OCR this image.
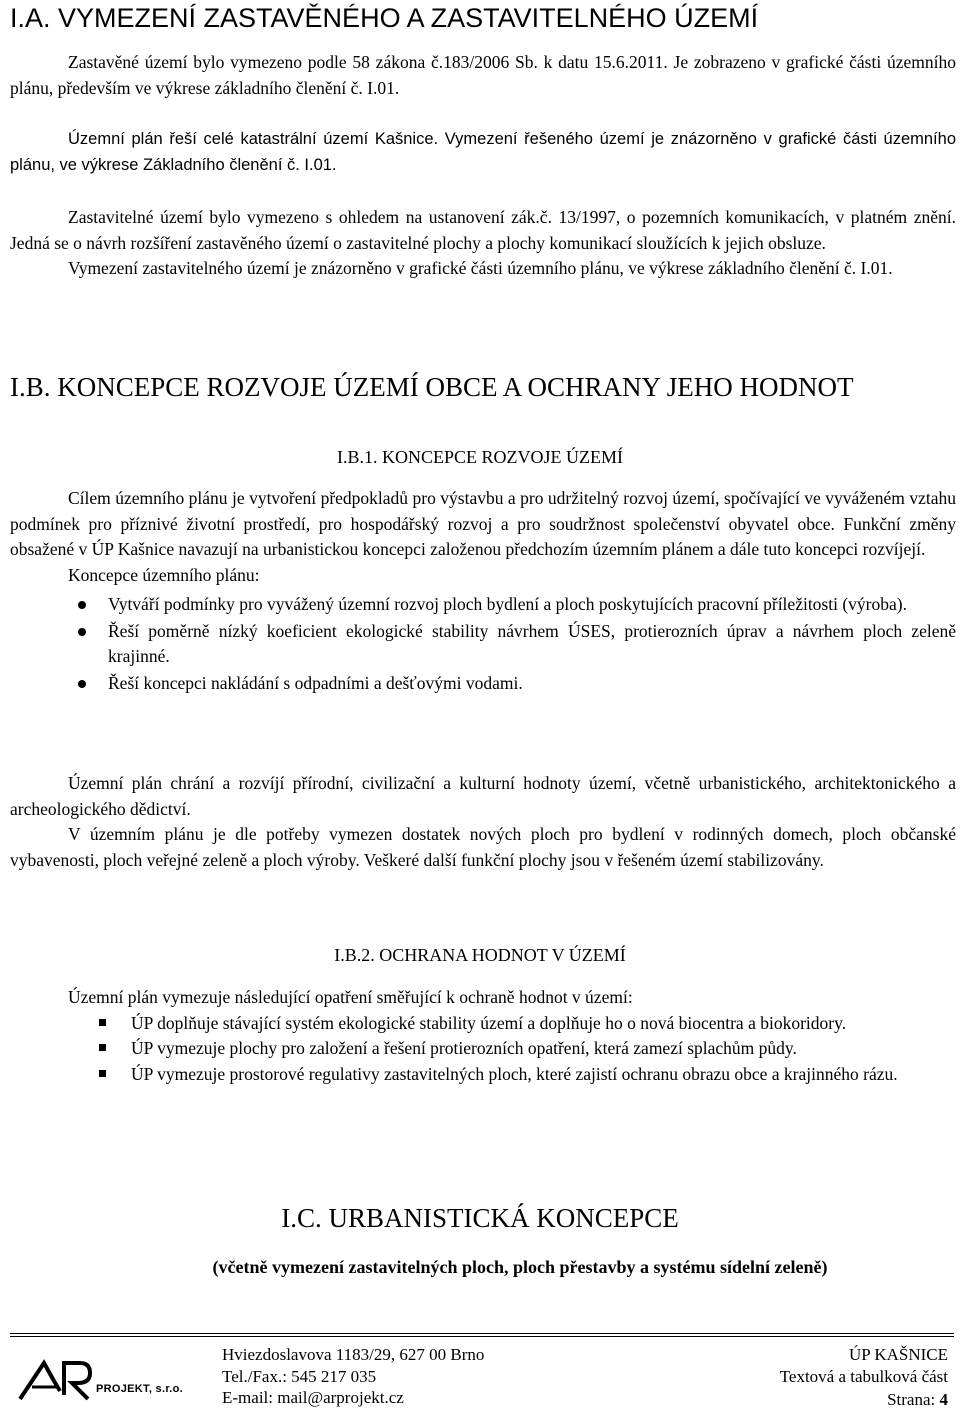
I.A. VYMEZENÍ ZASTAVĚNÉHO A ZASTAVITELNÉHO ÚZEMÍ

Zastavěné území bylo vymezeno podle 58 zákona č.183/2006 Sb. k datu 15.6.2011. Je zobrazeno v grafické části územního plánu, především ve výkrese základního členění č. I.01.

Územní plán řeší celé katastrální území Kašnice. Vymezení řešeného území je znázorněno v grafické části územního plánu, ve výkrese Základního členění č. I.01.

Zastavitelné území bylo vymezeno s ohledem na ustanovení zák.č. 13/1997, o pozemních komunikacích, v platném znění. Jedná se o návrh rozšíření zastavěného území o zastavitelné plochy a plochy komunikací sloužících k jejich obsluze.

Vymezení zastavitelného území je znázorněno v grafické části územního plánu, ve výkrese základního členění č. I.01.

I.B. KONCEPCE ROZVOJE ÚZEMÍ OBCE A OCHRANY JEHO HODNOT
I.B.1. KONCEPCE ROZVOJE ÚZEMÍ

Cílem územního plánu je vytvoření předpokladů pro výstavbu a pro udržitelný rozvoj území, spočívající ve vyváženém vztahu podmínek pro příznivé životní prostředí, pro hospodářský rozvoj a pro soudržnost společenství obyvatel obce. Funkční změny obsažené v ÚP Kašnice navazují na urbanistickou koncepci založenou předchozím územním plánem a dále tuto koncepci rozvíjejí.

Koncepce územního plánu:

Vytváří podmínky pro vyvážený územní rozvoj ploch bydlení a ploch poskytujících pracovní příležitosti (výroba).
Řeší poměrně nízký koeficient ekologické stability návrhem ÚSES, protierozních úprav a návrhem ploch zeleně krajinné.
Řeší koncepci nakládání s odpadními a dešťovými vodami.

Územní plán chrání a rozvíjí přírodní, civilizační a kulturní hodnoty území, včetně urbanistického, architektonického a archeologického dědictví.

V územním plánu je dle potřeby vymezen dostatek nových ploch pro bydlení v rodinných domech, ploch občanské vybavenosti, ploch veřejné zeleně a ploch výroby. Veškeré další funkční plochy jsou v řešeném území stabilizovány.

I.B.2. OCHRANA HODNOT V ÚZEMÍ

Územní plán vymezuje následující opatření směřující k ochraně hodnot v území:

ÚP doplňuje stávající systém ekologické stability území a doplňuje ho o nová biocentra a biokoridory.
ÚP vymezuje plochy pro založení a řešení protierozních opatření, která zamezí splachům půdy.
ÚP vymezuje prostorové regulativy zastavitelných ploch, které zajistí ochranu obrazu obce a krajinného rázu.
I.C. URBANISTICKÁ KONCEPCE

(včetně vymezení zastavitelných ploch, ploch přestavby a systému sídelní zeleně)

PROJEKT, s.r.o.
Hviezdoslavova 1183/29, 627 00 Brno
Tel./Fax.: 545 217 035
E-mail: mail@arprojekt.cz
ÚP KAŠNICE
Textová a tabulková část
Strana: 4
